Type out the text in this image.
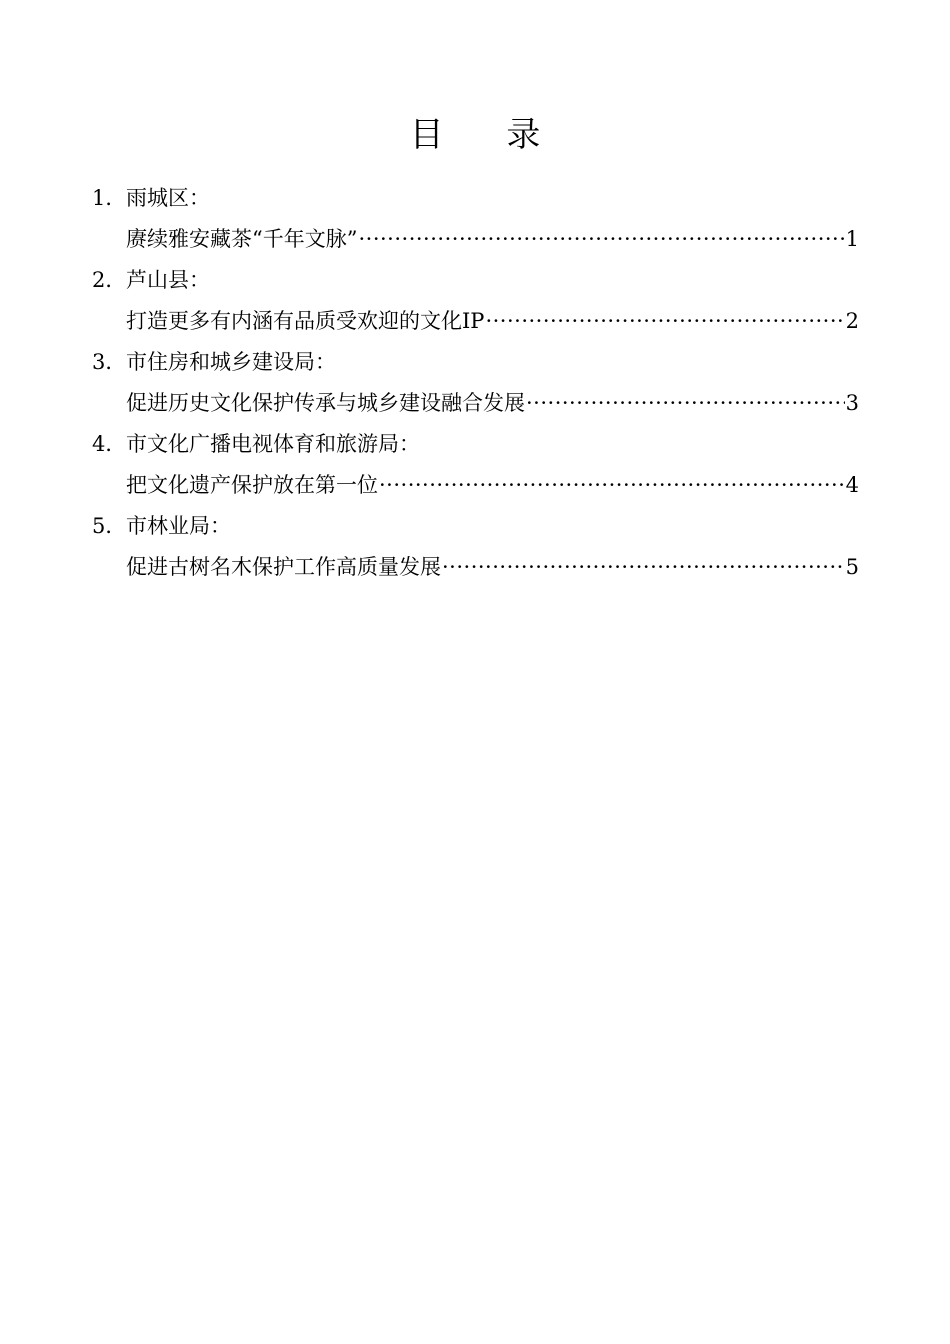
目 录
1． 雨城区：
赓续雅安藏茶“千年文脉” ·····	1
2． 芦山县：
打造更多有内涵有品质受欢迎的文化IP ·····	2
3． 市住房和城乡建设局：
促进历史文化保护传承与城乡建设融合发展 ·····	3
4． 市文化广播电视体育和旅游局：
把文化遗产保护放在第一位 ·····	4
5． 市林业局：
促进古树名木保护工作高质量发展 ·····	5
